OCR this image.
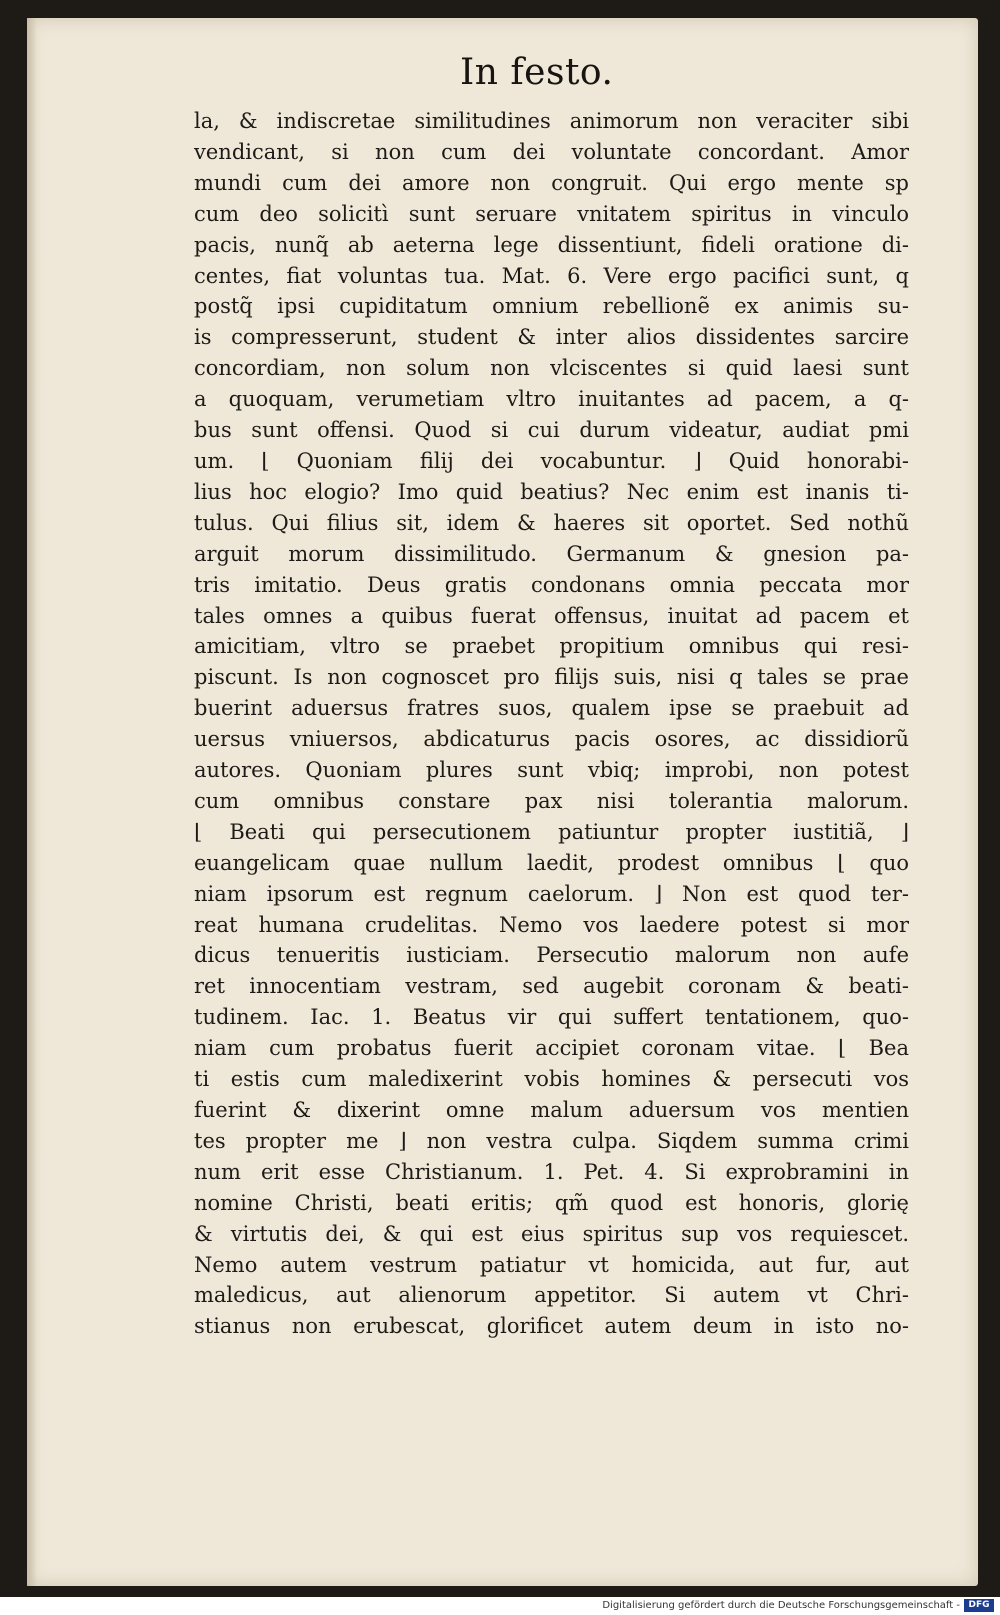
In festo.
la, & indiscretae similitudines animorum non veraciter sibi
vendicant, si non cum dei voluntate concordant. Amor
mundi cum dei amore non congruit. Qui ergo mente sp
cum deo solicitì sunt seruare vnitatem spiritus in vinculo
pacis, nunq̃ ab aeterna lege dissentiunt, fideli oratione di-
centes, fiat voluntas tua. Mat. 6. Vere ergo pacifici sunt, q
postq̃ ipsi cupiditatum omnium rebellionẽ ex animis su-
is compresserunt, student & inter alios dissidentes sarcire
concordiam, non solum non vlciscentes si quid laesi sunt
a quoquam, verumetiam vltro inuitantes ad pacem, a q-
bus sunt offensi. Quod si cui durum videatur, audiat pmi
um. ⌊ Quoniam filij dei vocabuntur. ⌋ Quid honorabi-
lius hoc elogio? Imo quid beatius? Nec enim est inanis ti-
tulus. Qui filius sit, idem & haeres sit oportet. Sed nothũ
arguit morum dissimilitudo. Germanum & gnesion pa-
tris imitatio. Deus gratis condonans omnia peccata mor
tales omnes a quibus fuerat offensus, inuitat ad pacem et
amicitiam, vltro se praebet propitium omnibus qui resi-
piscunt. Is non cognoscet pro filijs suis, nisi q tales se prae
buerint aduersus fratres suos, qualem ipse se praebuit ad
uersus vniuersos, abdicaturus pacis osores, ac dissidiorũ
autores. Quoniam plures sunt vbiq; improbi, non potest
cum omnibus constare pax nisi tolerantia malorum.
⌊ Beati qui persecutionem patiuntur propter iustitiã, ⌋
euangelicam quae nullum laedit, prodest omnibus ⌊ quo
niam ipsorum est regnum caelorum. ⌋ Non est quod ter-
reat humana crudelitas. Nemo vos laedere potest si mor
dicus tenueritis iusticiam. Persecutio malorum non aufe
ret innocentiam vestram, sed augebit coronam & beati-
tudinem. Iac. 1. Beatus vir qui suffert tentationem, quo-
niam cum probatus fuerit accipiet coronam vitae. ⌊ Bea
ti estis cum maledixerint vobis homines & persecuti vos
fuerint & dixerint omne malum aduersum vos mentien
tes propter me ⌋ non vestra culpa. Siqdem summa crimi
num erit esse Christianum. 1. Pet. 4. Si exprobramini in
nomine Christi, beati eritis; qm̃ quod est honoris, glorię
& virtutis dei, & qui est eius spiritus sup vos requiescet.
Nemo autem vestrum patiatur vt homicida, aut fur, aut
maledicus, aut alienorum appetitor. Si autem vt Chri-
stianus non erubescat, glorificet autem deum in isto no-
Digitalisierung gefördert durch die Deutsche Forschungsgemeinschaft - DFG
